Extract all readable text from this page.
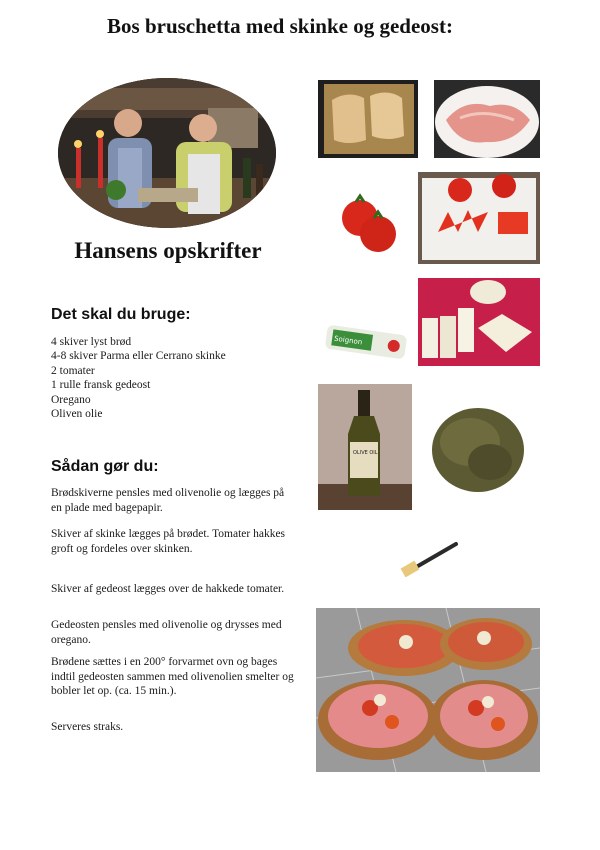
Bos bruschetta med skinke og gedeost:
Hansens opskrifter
Det skal du bruge:
4 skiver lyst brød
4-8 skiver Parma eller Cerrano skinke
2 tomater
1 rulle fransk gedeost
Oregano
Oliven olie
Sådan gør du:
Brødskiverne pensles med olivenolie og lægges på en plade med bagepapir.
Skiver af skinke lægges på brødet. Tomater hakkes groft og fordeles over skinken.
Skiver af gedeost lægges over de hakkede tomater.
Gedeosten pensles med olivenolie og drysses med oregano.
Brødene sættes i en 200° forvarmet ovn og bages indtil gedeosten sammen med olivenolien smelter og bobler let op. (ca. 15 min.).
Serveres straks.
Soignon
OLIVE OIL
